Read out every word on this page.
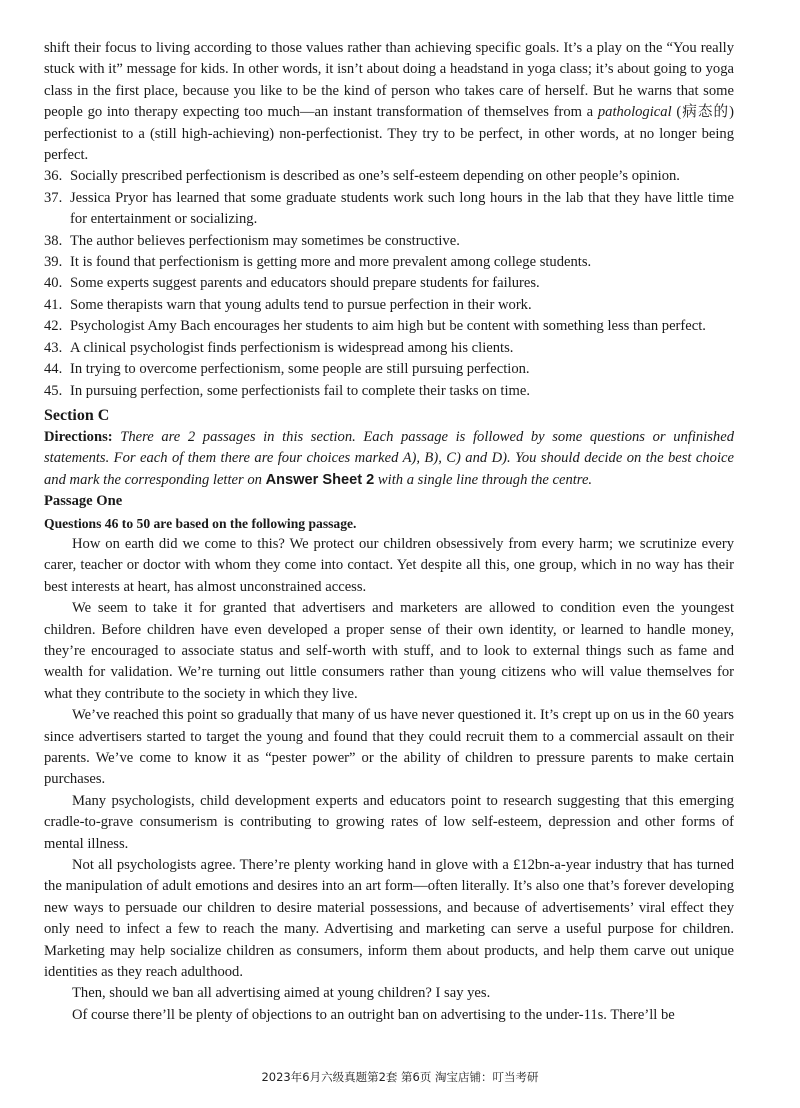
shift their focus to living according to those values rather than achieving specific goals. It’s a play on the “You really stuck with it” message for kids. In other words, it isn’t about doing a headstand in yoga class; it’s about going to yoga class in the first place, because you like to be the kind of person who takes care of herself. But he warns that some people go into therapy expecting too much—an instant transformation of themselves from a pathological (病态的) perfectionist to a (still high-achieving) non-perfectionist. They try to be perfect, in other words, at no longer being perfect.

36. Socially prescribed perfectionism is described as one’s self-esteem depending on other people’s opinion.
37. Jessica Pryor has learned that some graduate students work such long hours in the lab that they have little time for entertainment or socializing.
38. The author believes perfectionism may sometimes be constructive.
39. It is found that perfectionism is getting more and more prevalent among college students.
40. Some experts suggest parents and educators should prepare students for failures.
41. Some therapists warn that young adults tend to pursue perfection in their work.
42. Psychologist Amy Bach encourages her students to aim high but be content with something less than perfect.
43. A clinical psychologist finds perfectionism is widespread among his clients.
44. In trying to overcome perfectionism, some people are still pursuing perfection.
45. In pursuing perfection, some perfectionists fail to complete their tasks on time.
Section C

Directions: There are 2 passages in this section. Each passage is followed by some questions or unfinished statements. For each of them there are four choices marked A), B), C) and D). You should decide on the best choice and mark the corresponding letter on Answer Sheet 2 with a single line through the centre.

Passage One
Questions 46 to 50 are based on the following passage.

How on earth did we come to this? We protect our children obsessively from every harm; we scrutinize every carer, teacher or doctor with whom they come into contact. Yet despite all this, one group, which in no way has their best interests at heart, has almost unconstrained access.

We seem to take it for granted that advertisers and marketers are allowed to condition even the youngest children. Before children have even developed a proper sense of their own identity, or learned to handle money, they’re encouraged to associate status and self-worth with stuff, and to look to external things such as fame and wealth for validation. We’re turning out little consumers rather than young citizens who will value themselves for what they contribute to the society in which they live.

We’ve reached this point so gradually that many of us have never questioned it. It’s crept up on us in the 60 years since advertisers started to target the young and found that they could recruit them to a commercial assault on their parents. We’ve come to know it as “pester power” or the ability of children to pressure parents to make certain purchases.

Many psychologists, child development experts and educators point to research suggesting that this emerging cradle-to-grave consumerism is contributing to growing rates of low self-esteem, depression and other forms of mental illness.

Not all psychologists agree. There’re plenty working hand in glove with a £12bn-a-year industry that has turned the manipulation of adult emotions and desires into an art form—often literally. It’s also one that’s forever developing new ways to persuade our children to desire material possessions, and because of advertisements’ viral effect they only need to infect a few to reach the many. Advertising and marketing can serve a useful purpose for children. Marketing may help socialize children as consumers, inform them about products, and help them carve out unique identities as they reach adulthood.

Then, should we ban all advertising aimed at young children? I say yes.

Of course there’ll be plenty of objections to an outright ban on advertising to the under-11s. There’ll be

2023年6月六级真题第2套 第6页 淘宝店铺：叮当考研
